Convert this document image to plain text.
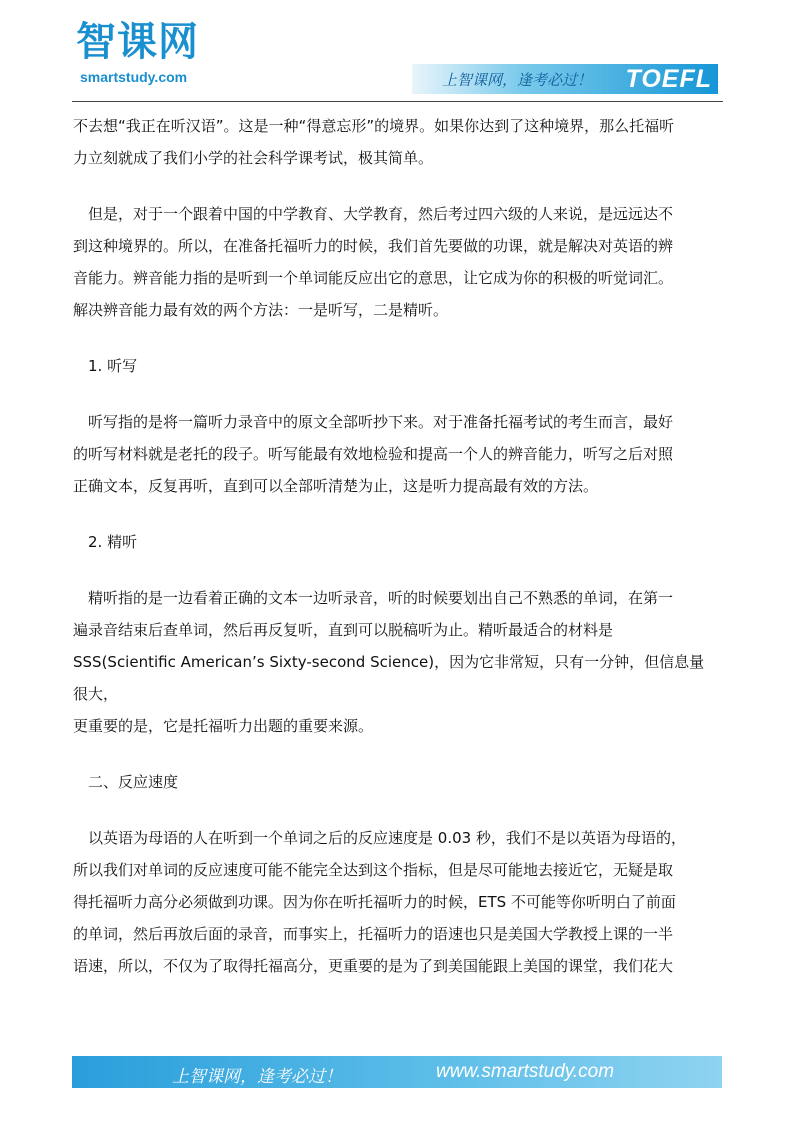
智课网
smartstudy.com	上智课网，逢考必过！ TOEFL

不去想“我正在听汉语”。这是一种“得意忘形”的境界。如果你达到了这种境界，那么托福听
力立刻就成了我们小学的社会科学课考试，极其简单。

　但是，对于一个跟着中国的中学教育、大学教育，然后考过四六级的人来说，是远远达不
到这种境界的。所以，在准备托福听力的时候，我们首先要做的功课，就是解决对英语的辨
音能力。辨音能力指的是听到一个单词能反应出它的意思，让它成为你的积极的听觉词汇。
解决辨音能力最有效的两个方法：一是听写，二是精听。

　1. 听写

　听写指的是将一篇听力录音中的原文全部听抄下来。对于准备托福考试的考生而言，最好
的听写材料就是老托的段子。听写能最有效地检验和提高一个人的辨音能力，听写之后对照
正确文本，反复再听，直到可以全部听清楚为止，这是听力提高最有效的方法。

　2. 精听

　精听指的是一边看着正确的文本一边听录音，听的时候要划出自己不熟悉的单词，在第一
遍录音结束后查单词，然后再反复听，直到可以脱稿听为止。精听最适合的材料是
SSS(Scientific American’s Sixty-second Science)，因为它非常短，只有一分钟，但信息量很大，
更重要的是，它是托福听力出题的重要来源。

　二、反应速度

　以英语为母语的人在听到一个单词之后的反应速度是 0.03 秒，我们不是以英语为母语的，
所以我们对单词的反应速度可能不能完全达到这个指标，但是尽可能地去接近它，无疑是取
得托福听力高分必须做到功课。因为你在听托福听力的时候，ETS 不可能等你听明白了前面
的单词，然后再放后面的录音，而事实上，托福听力的语速也只是美国大学教授上课的一半
语速，所以，不仅为了取得托福高分，更重要的是为了到美国能跟上美国的课堂，我们花大

上智课网，逢考必过！	www.smartstudy.com
